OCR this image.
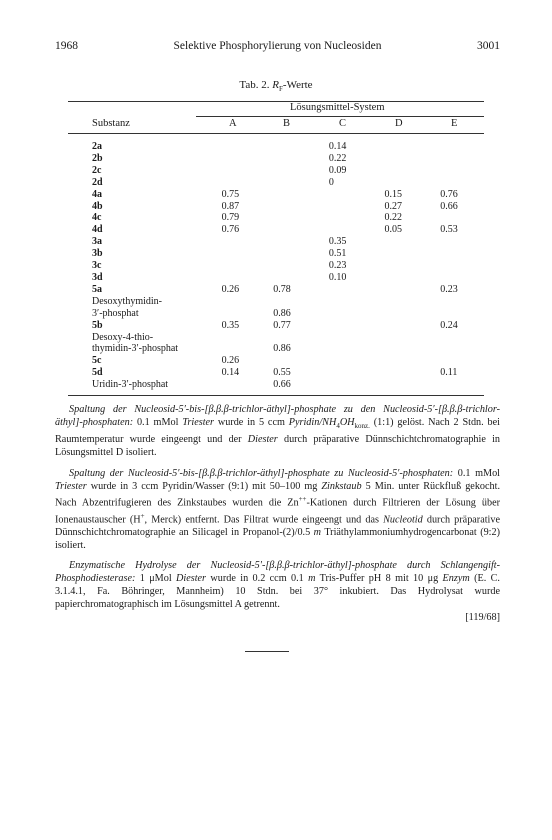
1968	Selektive Phosphorylierung von Nucleosiden	3001
Tab. 2. $R_F$-Werte
Lösungsmittel-System
Substanz	A	B	C	D	E
2a			0.14		
2b			0.22		
2c			0.09		
2d			0		
4a	0.75			0.15	0.76
4b	0.87			0.27	0.66
4c	0.79			0.22	
4d	0.76			0.05	0.53
3a			0.35		
3b			0.51		
3c			0.23		
3d			0.10		
5a	0.26	0.78			0.23
Desoxythymidin-					
3′-phosphat		0.86			
5b	0.35	0.77			0.24
Desoxy-4-thio-					
thymidin-3′-phosphat		0.86			
5c	0.26				
5d	0.14	0.55			0.11
Uridin-3′-phosphat		0.66			
Spaltung der Nucleosid-5′-bis-[β.β.β-trichlor-äthyl]-phosphate zu den Nucleosid-5′-[β.β.β-trichlor-äthyl]-phosphaten: 0.1 mMol Triester wurde in 5 ccm Pyridin/$NH_4OH_{konz.}$ (1:1) gelöst. Nach 2 Stdn. bei Raumtemperatur wurde eingeengt und der Diester durch präparative Dünnschichtchromatographie in Lösungsmittel D isoliert.
Spaltung der Nucleosid-5′-bis-[β.β.β-trichlor-äthyl]-phosphate zu Nucleosid-5′-phosphaten: 0.1 mMol Triester wurde in 3 ccm Pyridin/Wasser (9:1) mit 50–100 mg Zinkstaub 5 Min. unter Rückfluß gekocht. Nach Abzentrifugieren des Zinkstaubes wurden die Zn++-Kationen durch Filtrieren der Lösung über Ionenaustauscher (H+, Merck) entfernt. Das Filtrat wurde eingeengt und das Nucleotid durch präparative Dünnschichtchromatographie an Silicagel in Propanol-(2)/0.5 m Triäthylammoniumhydrogencarbonat (9:2) isoliert.
Enzymatische Hydrolyse der Nucleosid-5′-[β.β.β-trichlor-äthyl]-phosphate durch Schlangengift-Phosphodiesterase: 1 μMol Diester wurde in 0.2 ccm 0.1 m Tris-Puffer pH 8 mit 10 μg Enzym (E. C. 3.1.4.1, Fa. Böhringer, Mannheim) 10 Stdn. bei 37° inkubiert. Das Hydrolysat wurde papierchromatographisch im Lösungsmittel A getrennt.
[119/68]
